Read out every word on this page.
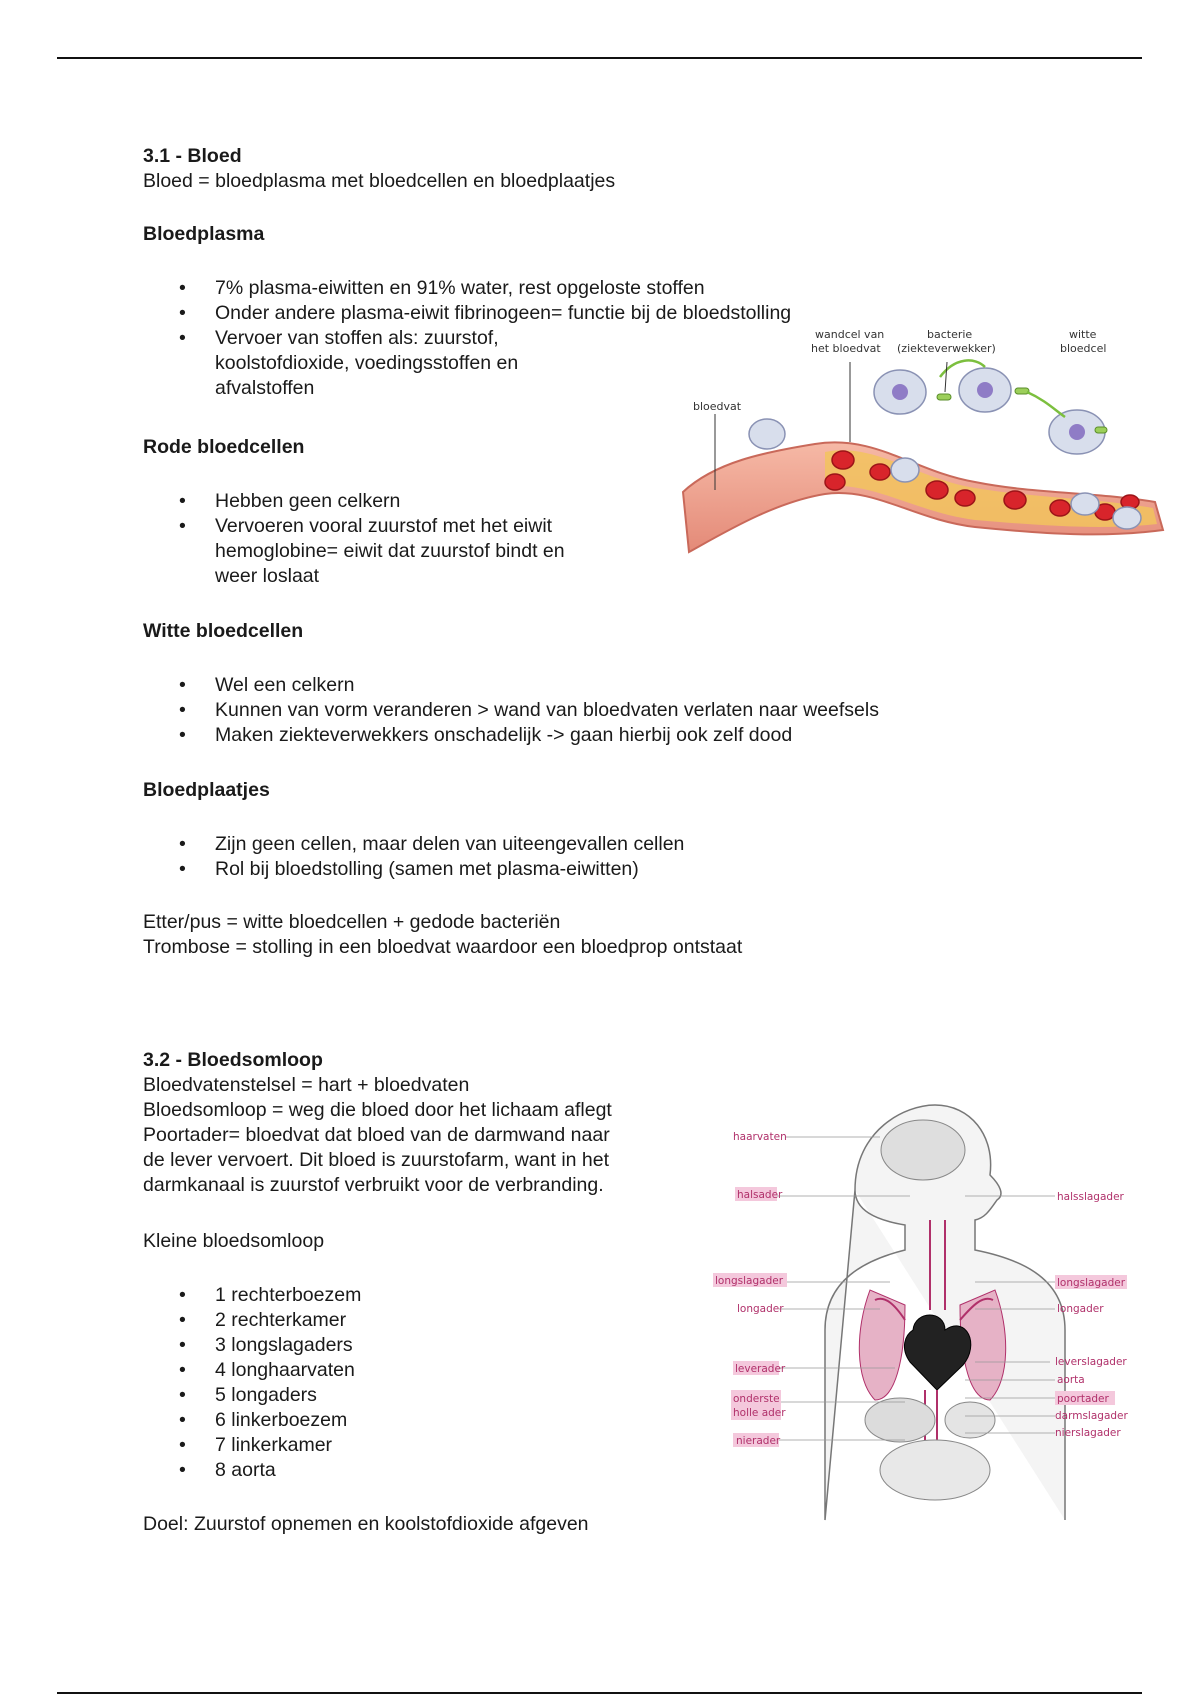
3.1 - Bloed
Bloed = bloedplasma met bloedcellen en bloedplaatjes
Bloedplasma
• 7% plasma-eiwitten en 91% water, rest opgeloste stoffen
• Onder andere plasma-eiwit fibrinogeen= functie bij de bloedstolling
• Vervoer van stoffen als: zuurstof,
koolstofdioxide, voedingsstoffen en
afvalstoffen
Rode bloedcellen
• Hebben geen celkern
• Vervoeren vooral zuurstof met het eiwit
hemoglobine= eiwit dat zuurstof bindt en
weer loslaat
Witte bloedcellen
• Wel een celkern
• Kunnen van vorm veranderen > wand van bloedvaten verlaten naar weefsels
• Maken ziekteverwekkers onschadelijk -> gaan hierbij ook zelf dood
Bloedplaatjes
• Zijn geen cellen, maar delen van uiteengevallen cellen
• Rol bij bloedstolling (samen met plasma-eiwitten)
Etter/pus = witte bloedcellen + gedode bacteriën
Trombose = stolling in een bloedvat waardoor een bloedprop ontstaat
wandcel van het bloedvat
bacterie (ziekteverwekker)
witte bloedcel
bloedvat
3.2 - Bloedsomloop
Bloedvatenstelsel = hart + bloedvaten
Bloedsomloop = weg die bloed door het lichaam aflegt
Poortader= bloedvat dat bloed van de darmwand naar
de lever vervoert. Dit bloed is zuurstofarm, want in het
darmkanaal is zuurstof verbruikt voor de verbranding.
Kleine bloedsomloop
• 1 rechterboezem
• 2 rechterkamer
• 3 longslagaders
• 4 longhaarvaten
• 5 longaders
• 6 linkerboezem
• 7 linkerkamer
• 8 aorta
Doel: Zuurstof opnemen en koolstofdioxide afgeven
haarvaten
halsader
longslagader
longader
leverader
onderste
holle ader
nierader
halsslagader
longslagader
longader
leverslagader
aorta
poortader
darmslagader
nierslagader
